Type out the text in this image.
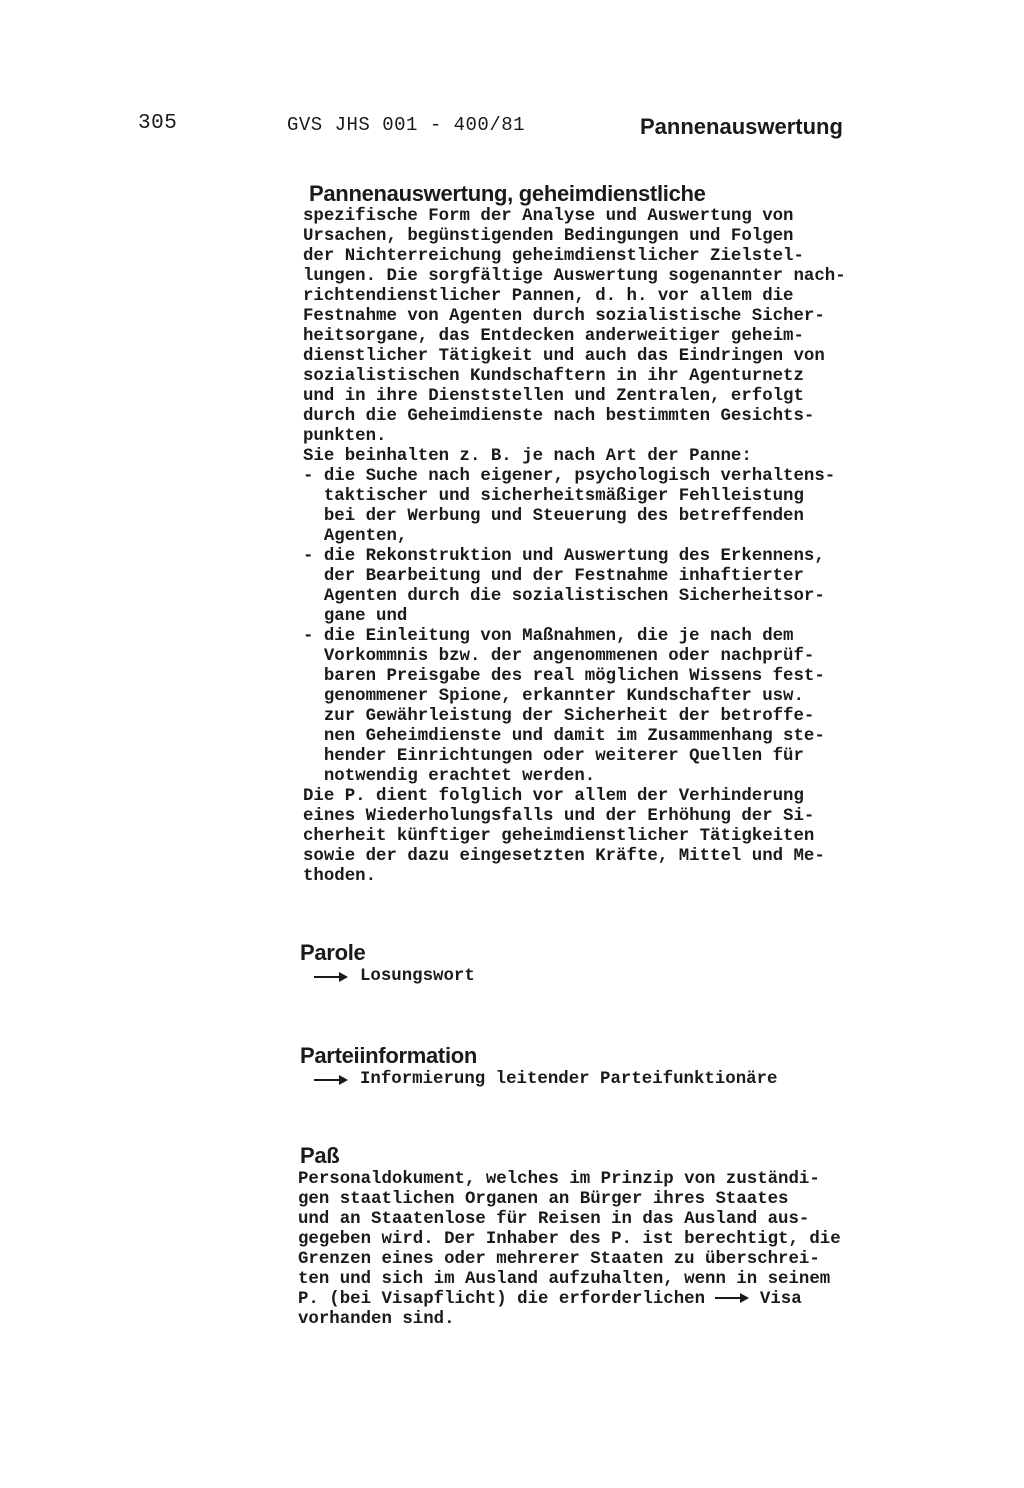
305	GVS JHS 001 - 400/81	Pannenauswertung
Pannenauswertung, geheimdienstliche
spezifische Form der Analyse und Auswertung von
Ursachen, begünstigenden Bedingungen und Folgen
der Nichterreichung geheimdienstlicher Zielstel-
lungen. Die sorgfältige Auswertung sogenannter nach-
richtendienstlicher Pannen, d. h. vor allem die
Festnahme von Agenten durch sozialistische Sicher-
heitsorgane, das Entdecken anderweitiger geheim-
dienstlicher Tätigkeit und auch das Eindringen von
sozialistischen Kundschaftern in ihr Agenturnetz
und in ihre Dienststellen und Zentralen, erfolgt
durch die Geheimdienste nach bestimmten Gesichts-
punkten.
Sie beinhalten z. B. je nach Art der Panne:
- die Suche nach eigener, psychologisch verhaltens-
taktischer und sicherheitsmäßiger Fehlleistung
bei der Werbung und Steuerung des betreffenden
Agenten,
- die Rekonstruktion und Auswertung des Erkennens,
der Bearbeitung und der Festnahme inhaftierter
Agenten durch die sozialistischen Sicherheitsor-
gane und
- die Einleitung von Maßnahmen, die je nach dem
Vorkommnis bzw. der angenommenen oder nachprüf-
baren Preisgabe des real möglichen Wissens fest-
genommener Spione, erkannter Kundschafter usw.
zur Gewährleistung der Sicherheit der betroffe-
nen Geheimdienste und damit im Zusammenhang ste-
hender Einrichtungen oder weiterer Quellen für
notwendig erachtet werden.
Die P. dient folglich vor allem der Verhinderung
eines Wiederholungsfalls und der Erhöhung der Si-
cherheit künftiger geheimdienstlicher Tätigkeiten
sowie der dazu eingesetzten Kräfte, Mittel und Me-
thoden.
Parole
Losungswort
Parteiinformation
Informierung leitender Parteifunktionäre
Paß
Personaldokument, welches im Prinzip von zuständi-
gen staatlichen Organen an Bürger ihres Staates
und an Staatenlose für Reisen in das Ausland aus-
gegeben wird. Der Inhaber des P. ist berechtigt, die
Grenzen eines oder mehrerer Staaten zu überschrei-
ten und sich im Ausland aufzuhalten, wenn in seinem
P. (bei Visapflicht) die erforderlichen	Visa
vorhanden sind.
